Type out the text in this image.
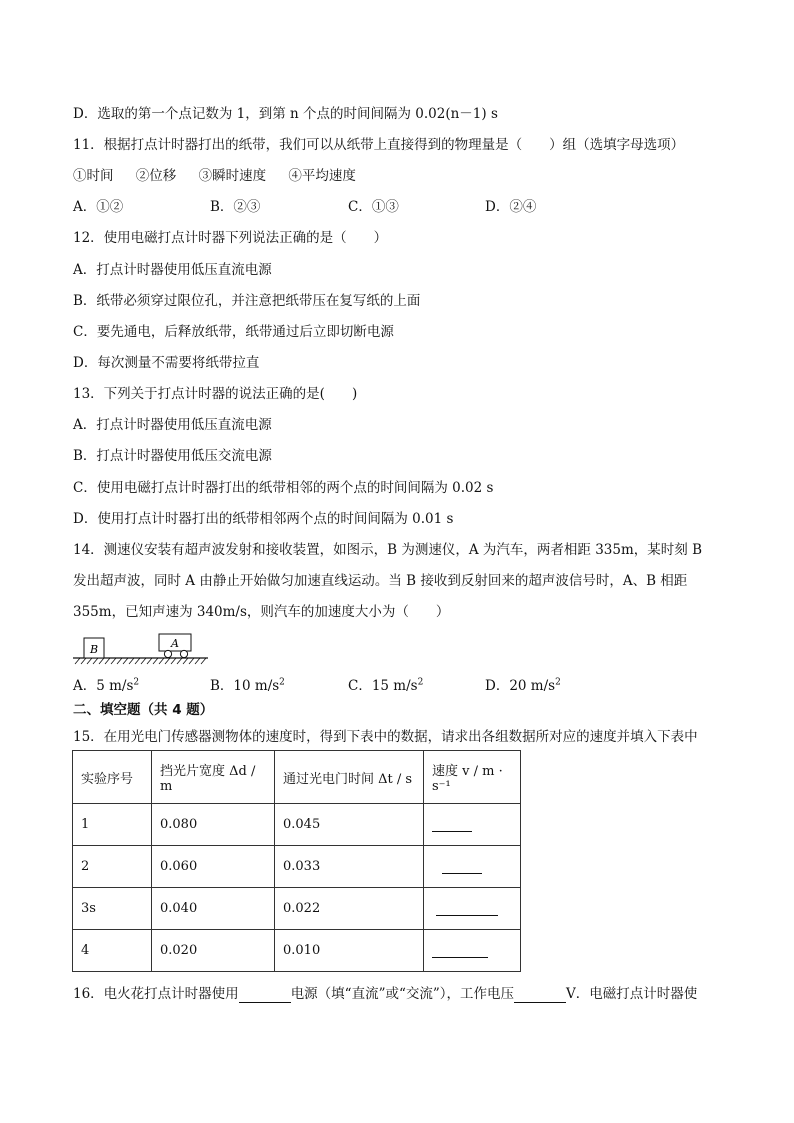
D．选取的第一个点记数为 1，到第 n 个点的时间间隔为 0.02(n－1) s
11．根据打点计时器打出的纸带，我们可以从纸带上直接得到的物理量是（　　）组（选填字母选项）
①时间 ②位移 ③瞬时速度 ④平均速度
A．①②	B．②③	C．①③	D．②④
12．使用电磁打点计时器下列说法正确的是（　　）
A．打点计时器使用低压直流电源
B．纸带必须穿过限位孔，并注意把纸带压在复写纸的上面
C．要先通电，后释放纸带，纸带通过后立即切断电源
D．每次测量不需要将纸带拉直
13．下列关于打点计时器的说法正确的是(　　)
A．打点计时器使用低压直流电源
B．打点计时器使用低压交流电源
C．使用电磁打点计时器打出的纸带相邻的两个点的时间间隔为 0.02 s
D．使用打点计时器打出的纸带相邻两个点的时间间隔为 0.01 s
14．测速仪安装有超声波发射和接收装置，如图示，B 为测速仪，A 为汽车，两者相距 335m，某时刻 B
发出超声波，同时 A 由静止开始做匀加速直线运动。当 B 接收到反射回来的超声波信号时，A、B 相距
355m，已知声速为 340m/s，则汽车的加速度大小为（　　）
B	A
A．5 $m/s^2$	B．10 $m/s^2$	C．15 $m/s^2$	D．20 $m/s^2$
二、填空题（共 4 题）
15．在用光电门传感器测物体的速度时，得到下表中的数据，请求出各组数据所对应的速度并填入下表中
实验序号	挡光片宽度 Δd / m	通过光电门时间 Δt / s	速度 v / m · s⁻¹
1	0.080	0.045	
2	0.060	0.033	
3s	0.040	0.022	
4	0.020	0.010	
16．电火花打点计时器使用	电源（填“直流”或“交流”），工作电压	V．电磁打点计时器使
